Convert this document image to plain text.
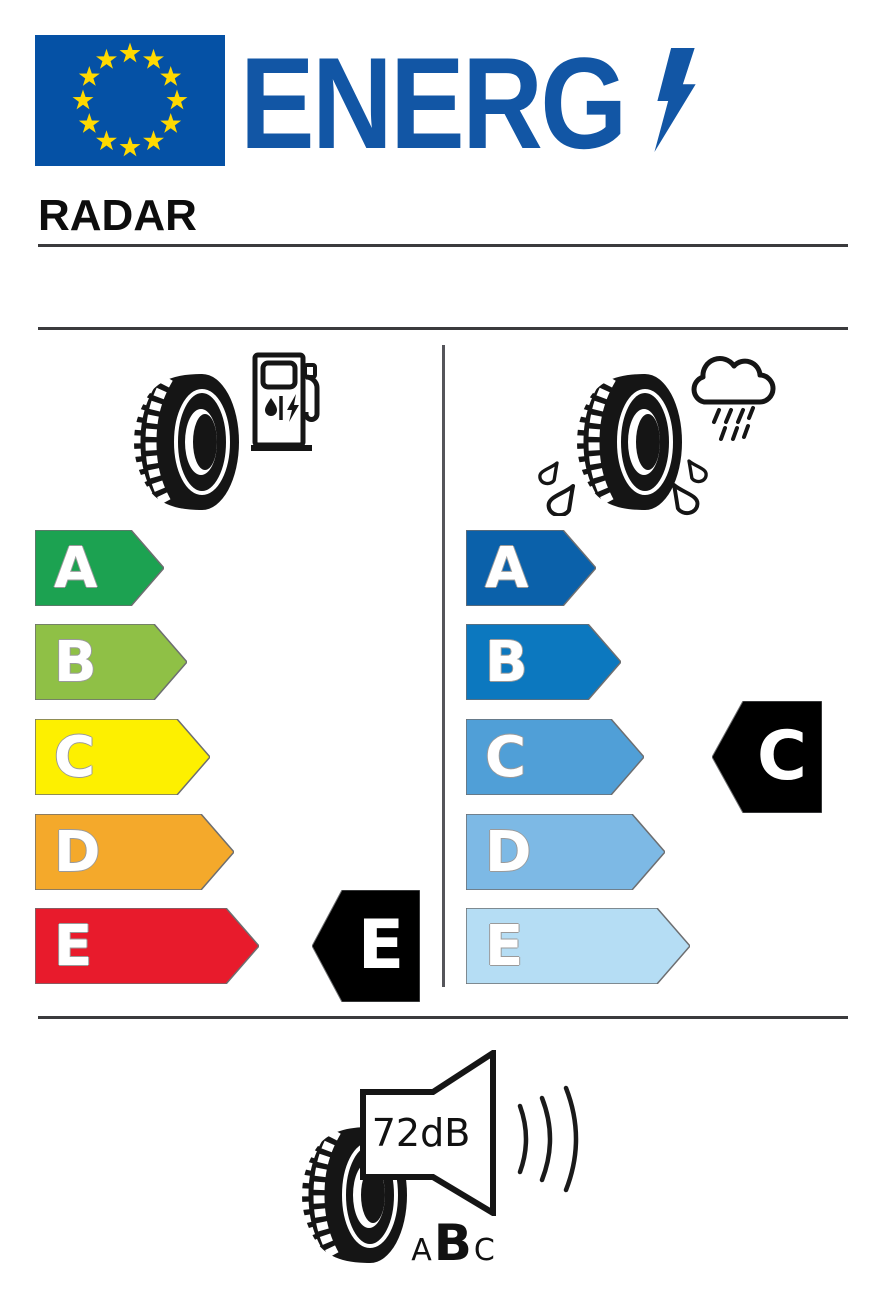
ENERG
RADAR
A
B
C
D
E	E
A
B
C
D
E
C
72dB
A B C
